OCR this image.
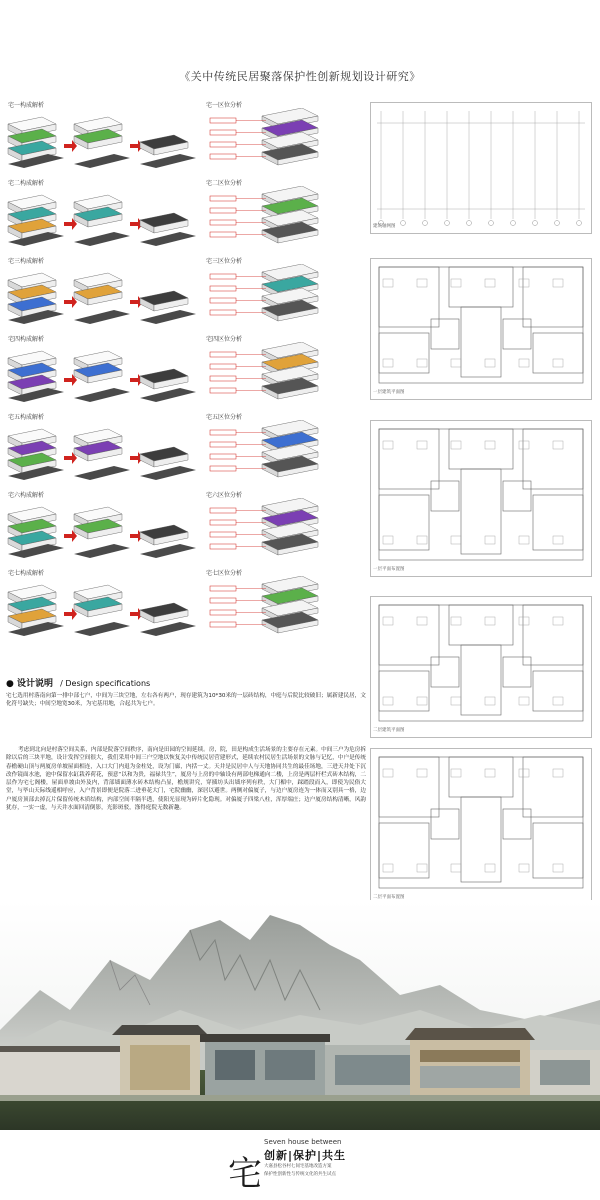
《关中传统民居聚落保护性创新规划设计研究》
宅一构成解析
宅二构成解析
宅三构成解析
宅四构成解析
宅五构成解析
宅六构成解析
宅七构成解析
宅一区位分析
宅二区位分析
宅三区位分析
宅四区位分析
宅五区位分析
宅六区位分析
宅七区位分析
建筑轴网图
一层建筑平面图
一层平面布置图
二层建筑平面图
二层平面布置图
● 设计说明 / Design specifications
宅七选用村落南向第一排中部七户，中间为三块空地，左右各有两户，现存建筑为10*30米的一层砖结构，中庭与后院比较破旧；属新建民居，文化符号缺失；中间空地宽30米，为宅基用地，合起共为七户。
考虑到北向是村落空间关系，内部是院落空间秩序，南向是田园的空间延续。房，院，田是构成生活场景的主要存在元素。中间三户为危房拆除以后的三块平地，设计发挥空间很大，我们采用中间三户空地以恢复关中传统民居营建形式，延续农村民居生活场景的文脉与记忆，中户是传统春檐硬山顶与两厦房单坡屋面相连，入口大门内退为金柱处，设为门廊，内括一丈。天井是民居中人与天地协同共生的最佳场地，三进天井处下沉改作镜面水池，池中保留水缸栽养荷花，预意“以和为贵，福禄共生”，厦房与上房的中轴设有两部电梯通向二楼，上房是两层杆栏式砖木结构，二层作为宅七阁楼，屋面单坡由外及内，背部墙面薄水砖木结构凸显，檐规讲究，穿插坊头出墙序列有秩，大门楣中，踩踏段而入，即使为民俗大堂，与毕山天际线遥相呼应，入户背景即便是院落二进垂花大门，宅院幽幽，深居以避世。两侧对偏厦子，与边户厦房连为一体而又别具一格，边户厦房顶部去掉瓦片保留传统木质结构，内部空间半隔半透，使阳光显现为碎片化隐现。对偏厦子四梁八柱，浑厚端庄；边户厦房结构清晰，风韵犹存，一实一虚，与天井水面回清倒影，光影斑驳，涤得庭院无数新趣。
宅
Seven house between
创新|保护|共生
大嘉县松谷村七间宅基地改造方案
保护性创新性与传统文化的共生试点
